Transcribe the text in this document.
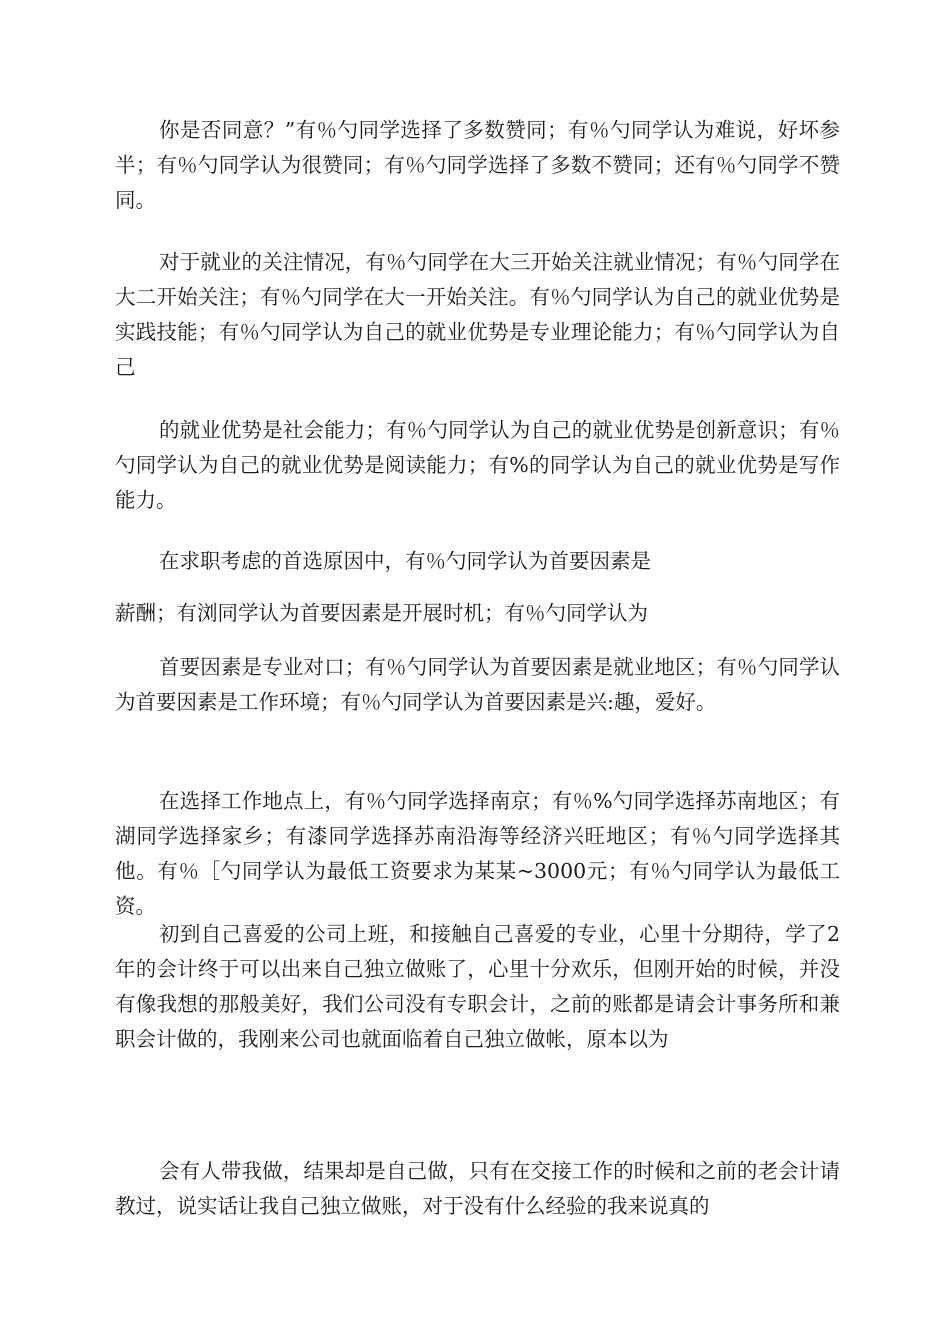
你是否同意？”有％勺同学选择了多数赞同；有％勺同学认为难说，好坏参半；有％勺同学认为很赞同；有％勺同学选择了多数不赞同；还有％勺同学不赞同。

对于就业的关注情况，有％勺同学在大三开始关注就业情况；有％勺同学在大二开始关注；有％勺同学在大一开始关注。有％勺同学认为自己的就业优势是实践技能；有％勺同学认为自己的就业优势是专业理论能力；有％勺同学认为自己

的就业优势是社会能力；有％勺同学认为自己的就业优势是创新意识；有％勺同学认为自己的就业优势是阅读能力；有%的同学认为自己的就业优势是写作能力。

在求职考虑的首选原因中，有％勺同学认为首要因素是

薪酬；有浏同学认为首要因素是开展时机；有％勺同学认为

首要因素是专业对口；有％勺同学认为首要因素是就业地区；有％勺同学认为首要因素是工作环境；有％勺同学认为首要因素是兴:趣，爱好。

在选择工作地点上，有％勺同学选择南京；有％%勺同学选择苏南地区；有湖同学选择家乡；有漆同学选择苏南沿海等经济兴旺地区；有％勺同学选择其他。有％［勺同学认为最低工资要求为某某~3000元；有％勺同学认为最低工资。

初到自己喜爱的公司上班，和接触自己喜爱的专业，心里十分期待，学了2年的会计终于可以出来自己独立做账了，心里十分欢乐，但刚开始的时候，并没有像我想的那般美好，我们公司没有专职会计，之前的账都是请会计事务所和兼职会计做的，我刚来公司也就面临着自己独立做帐，原本以为

会有人带我做，结果却是自己做，只有在交接工作的时候和之前的老会计请教过，说实话让我自己独立做账，对于没有什么经验的我来说真的
